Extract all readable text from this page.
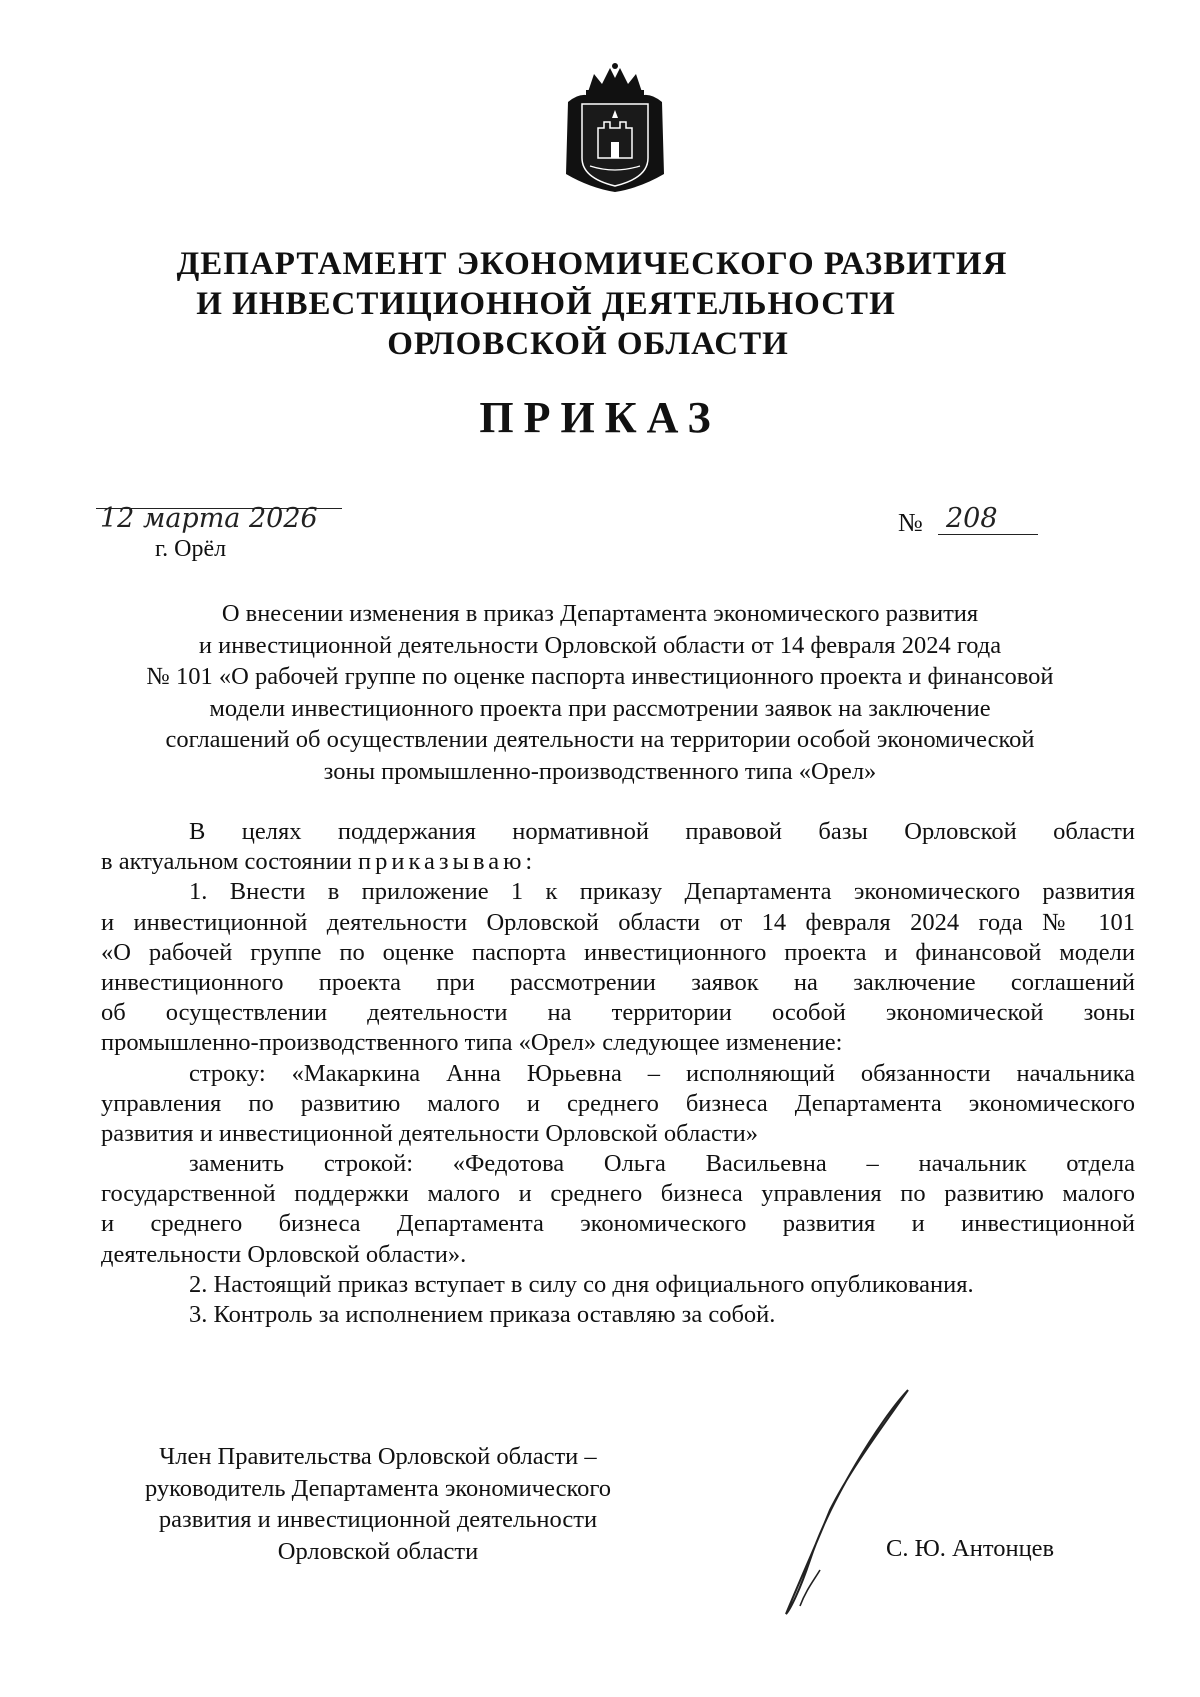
ДЕПАРТАМЕНТ ЭКОНОМИЧЕСКОГО РАЗВИТИЯ
И ИНВЕСТИЦИОННОЙ ДЕЯТЕЛЬНОСТИ
ОРЛОВСКОЙ ОБЛАСТИ
ПРИКАЗ
12 марта 2026
г. Орёл
№ 208
О внесении изменения в приказ Департамента экономического развития
и инвестиционной деятельности Орловской области от 14 февраля 2024 года
№ 101 «О рабочей группе по оценке паспорта инвестиционного проекта и финансовой
модели инвестиционного проекта при рассмотрении заявок на заключение
соглашений об осуществлении деятельности на территории особой экономической
зоны промышленно-производственного типа «Орел»
В целях поддержания нормативной правовой базы Орловской области
в актуальном состоянии приказываю:
1. Внести в приложение 1 к приказу Департамента экономического развития
и инвестиционной деятельности Орловской области от 14 февраля 2024 года № 101
«О рабочей группе по оценке паспорта инвестиционного проекта и финансовой модели
инвестиционного проекта при рассмотрении заявок на заключение соглашений
об осуществлении деятельности на территории особой экономической зоны
промышленно-производственного типа «Орел» следующее изменение:
строку: «Макаркина Анна Юрьевна – исполняющий обязанности начальника
управления по развитию малого и среднего бизнеса Департамента экономического
развития и инвестиционной деятельности Орловской области»
заменить строкой: «Федотова Ольга Васильевна – начальник отдела
государственной поддержки малого и среднего бизнеса управления по развитию малого
и среднего бизнеса Департамента экономического развития и инвестиционной
деятельности Орловской области».
2. Настоящий приказ вступает в силу со дня официального опубликования.
3. Контроль за исполнением приказа оставляю за собой.
Член Правительства Орловской области –
руководитель Департамента экономического
развития и инвестиционной деятельности
Орловской области	С. Ю. Антонцев
